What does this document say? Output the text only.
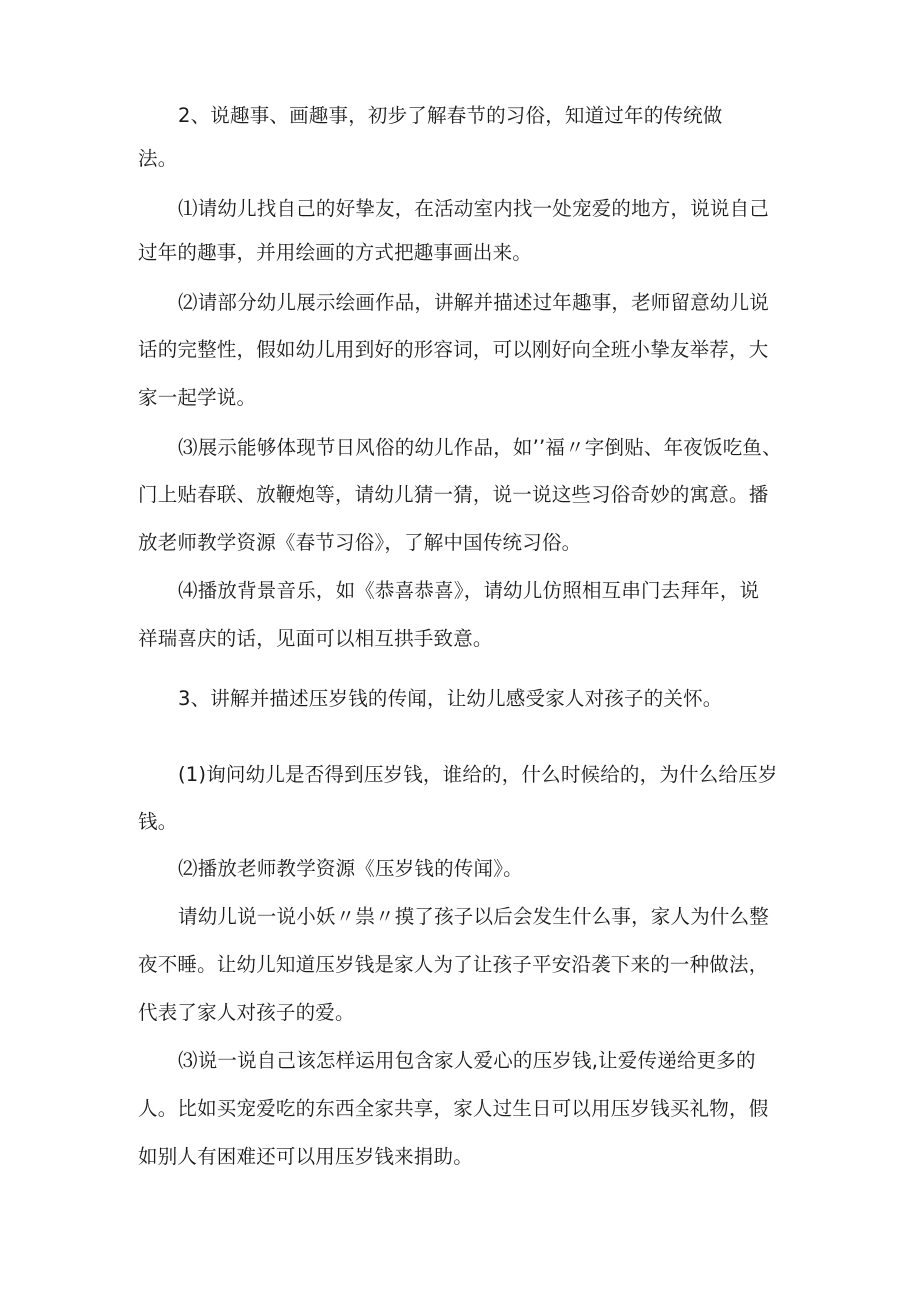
2、说趣事、画趣事，初步了解春节的习俗，知道过年的传统做
法。
⑴请幼儿找自己的好挚友，在活动室内找一处宠爱的地方，说说自己
过年的趣事，并用绘画的方式把趣事画出来。
⑵请部分幼儿展示绘画作品，讲解并描述过年趣事，老师留意幼儿说
话的完整性，假如幼儿用到好的形容词，可以刚好向全班小挚友举荐，大
家一起学说。
⑶展示能够体现节日风俗的幼儿作品，如’’福〃字倒贴、年夜饭吃鱼、
门上贴春联、放鞭炮等，请幼儿猜一猜，说一说这些习俗奇妙的寓意。播
放老师教学资源《春节习俗》，了解中国传统习俗。
⑷播放背景音乐，如《恭喜恭喜》，请幼儿仿照相互串门去拜年，说
祥瑞喜庆的话，见面可以相互拱手致意。
3、讲解并描述压岁钱的传闻，让幼儿感受家人对孩子的关怀。
(1)询问幼儿是否得到压岁钱，谁给的，什么时候给的，为什么给压岁
钱。
⑵播放老师教学资源《压岁钱的传闻》。
请幼儿说一说小妖〃祟〃摸了孩子以后会发生什么事，家人为什么整
夜不睡。让幼儿知道压岁钱是家人为了让孩子平安沿袭下来的一种做法，
代表了家人对孩子的爱。
⑶说一说自己该怎样运用包含家人爱心的压岁钱,让爱传递给更多的
人。比如买宠爱吃的东西全家共享，家人过生日可以用压岁钱买礼物，假
如别人有困难还可以用压岁钱来捐助。
